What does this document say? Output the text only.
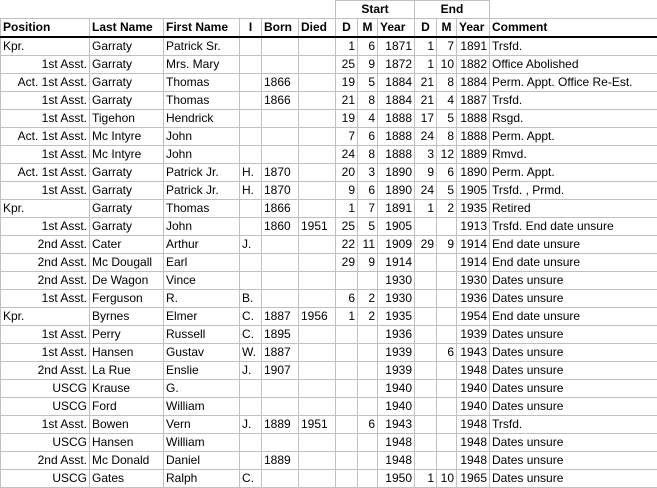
						Start			End			
Position	Last Name	First Name	I	Born	Died	D	M	Year	D	M	Year	Comment
Kpr.	Garraty	Patrick Sr.				1	6	1871	1	7	1891	Trsfd.
1st Asst.	Garraty	Mrs. Mary				25	9	1872	1	10	1882	Office Abolished
Act. 1st Asst.	Garraty	Thomas		1866		19	5	1884	21	8	1884	Perm. Appt. Office Re-Est.
1st Asst.	Garraty	Thomas		1866		21	8	1884	21	4	1887	Trsfd.
1st Asst.	Tigehon	Hendrick				19	4	1888	17	5	1888	Rsgd.
Act. 1st Asst.	Mc Intyre	John				7	6	1888	24	8	1888	Perm. Appt.
1st Asst.	Mc Intyre	John				24	8	1888	3	12	1889	Rmvd.
Act. 1st Asst.	Garraty	Patrick Jr.	H.	1870		20	3	1890	9	6	1890	Perm. Appt.
1st Asst.	Garraty	Patrick Jr.	H.	1870		9	6	1890	24	5	1905	Trsfd. , Prmd.
Kpr.	Garraty	Thomas		1866		1	7	1891	1	2	1935	Retired
1st Asst.	Garraty	John		1860	1951	25	5	1905			1913	Trsfd. End date unsure
2nd Asst.	Cater	Arthur	J.			22	11	1909	29	9	1914	End date unsure
2nd Asst.	Mc Dougall	Earl				29	9	1914			1914	End date unsure
2nd Asst.	De Wagon	Vince						1930			1930	Dates unsure
1st Asst.	Ferguson	R.	B.			6	2	1930			1936	Dates unsure
Kpr.	Byrnes	Elmer	C.	1887	1956	1	2	1935			1954	End date unsure
1st Asst.	Perry	Russell	C.	1895				1936			1939	Dates unsure
1st Asst.	Hansen	Gustav	W.	1887				1939		6	1943	Dates unsure
2nd Asst.	La Rue	Enslie	J.	1907				1939			1948	Dates unsure
USCG	Krause	G.						1940			1940	Dates unsure
USCG	Ford	William						1940			1940	Dates unsure
1st Asst.	Bowen	Vern	J.	1889	1951		6	1943			1948	Trsfd.
USCG	Hansen	William						1948			1948	Dates unsure
2nd Asst.	Mc Donald	Daniel		1889				1948			1948	Dates unsure
USCG	Gates	Ralph	C.					1950	1	10	1965	Dates unsure
